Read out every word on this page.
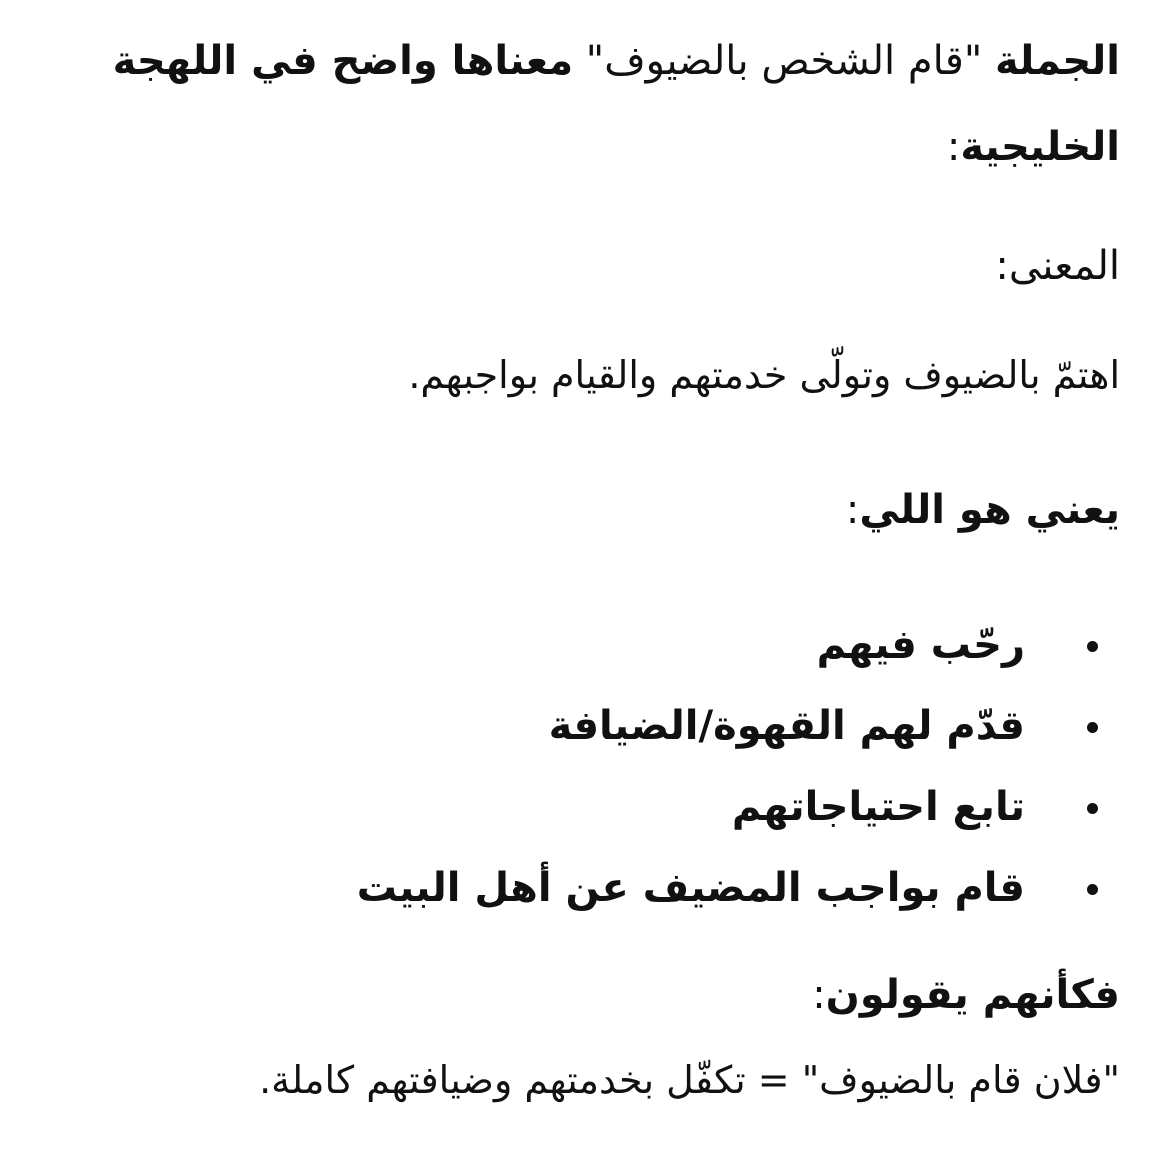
الجملة "قام الشخص بالضيوف" معناها واضح في اللهجة الخليجية:

المعنى:

اهتمّ بالضيوف وتولّى خدمتهم والقيام بواجبهم.

يعني هو اللي:

رحّب فيهم
قدّم لهم القهوة/الضيافة
تابع احتياجاتهم
قام بواجب المضيف عن أهل البيت

فكأنهم يقولون:

"فلان قام بالضيوف" = تكفّل بخدمتهم وضيافتهم كاملة.
